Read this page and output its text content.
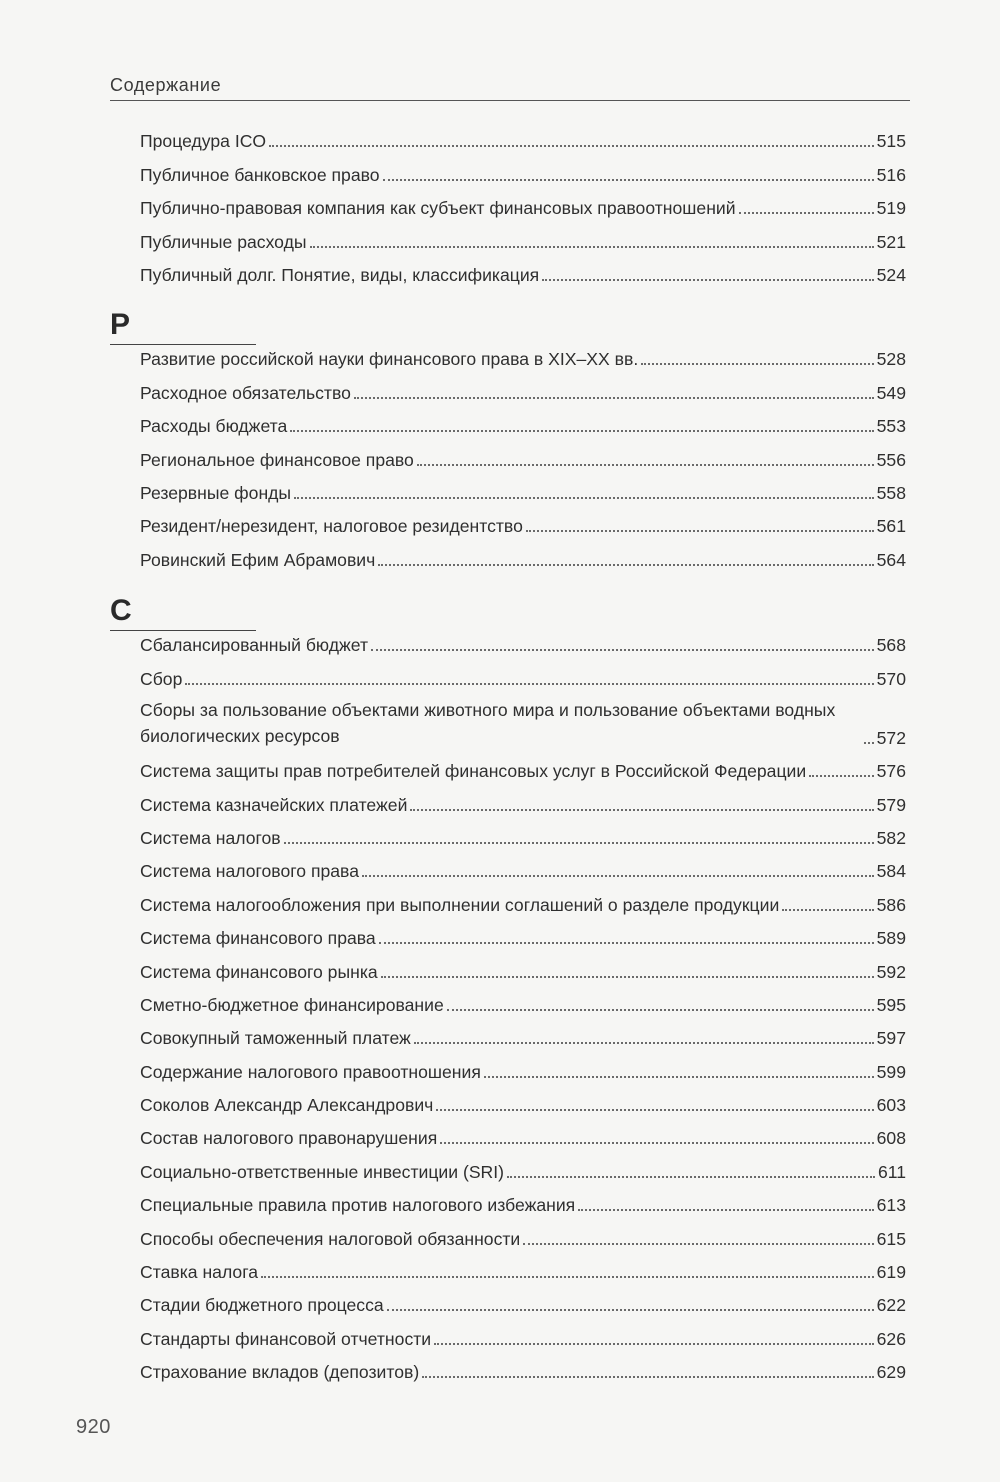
Содержание
Процедура ICO	515
Публичное банковское право	516
Публично-правовая компания как субъект финансовых правоотношений	519
Публичные расходы	521
Публичный долг. Понятие, виды, классификация	524
Р
Развитие российской науки финансового права в XIX–XX вв.	528
Расходное обязательство	549
Расходы бюджета	553
Региональное финансовое право	556
Резервные фонды	558
Резидент/нерезидент, налоговое резидентство	561
Ровинский Ефим Абрамович	564
С
Сбалансированный бюджет	568
Сбор	570
Сборы за пользование объектами животного мира и пользование объектами водных биологических ресурсов	572
Система защиты прав потребителей финансовых услуг в Российской Федерации	576
Система казначейских платежей	579
Система налогов	582
Система налогового права	584
Система налогообложения при выполнении соглашений о разделе продукции	586
Система финансового права	589
Система финансового рынка	592
Сметно-бюджетное финансирование	595
Совокупный таможенный платеж	597
Содержание налогового правоотношения	599
Соколов Александр Александрович	603
Состав налогового правонарушения	608
Социально-ответственные инвестиции (SRI)	611
Специальные правила против налогового избежания	613
Способы обеспечения налоговой обязанности	615
Ставка налога	619
Стадии бюджетного процесса	622
Стандарты финансовой отчетности	626
Страхование вкладов (депозитов)	629
920
